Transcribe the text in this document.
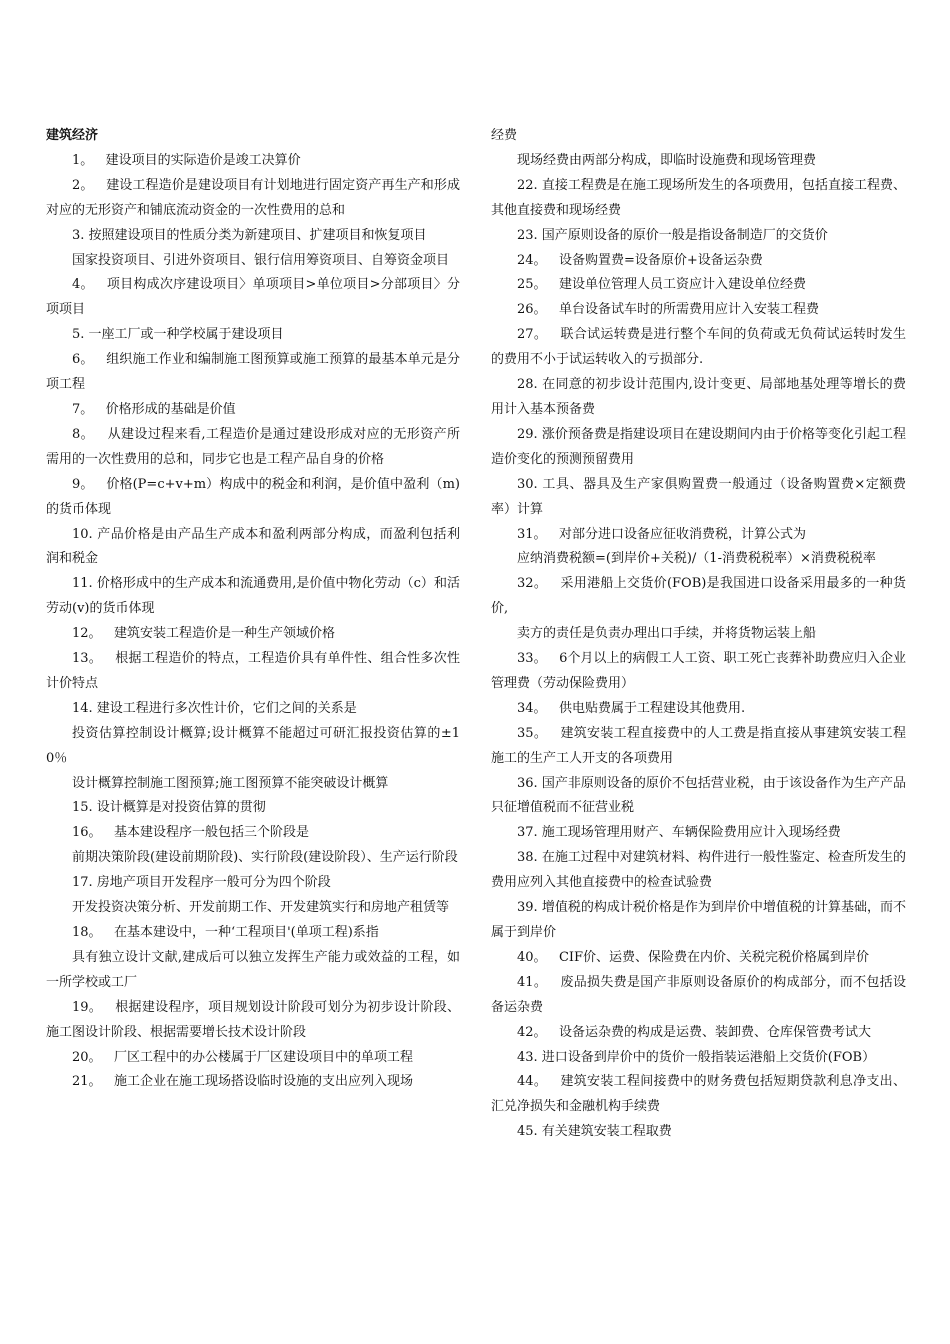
建筑经济

1。   建设项目的实际造价是竣工决算价

2。   建设工程造价是建设项目有计划地进行固定资产再生产和形成对应的无形资产和铺底流动资金的一次性费用的总和

3. 按照建设项目的性质分类为新建项目、扩建项目和恢复项目

国家投资项目、引进外资项目、银行信用筹资项目、自筹资金项目

4。   项目构成次序建设项目〉单项项目>单位项目>分部项目〉分项项目

5. 一座工厂或一种学校属于建设项目

6。   组织施工作业和编制施工图预算或施工预算的最基本单元是分项工程

7。   价格形成的基础是价值

8。   从建设过程来看,工程造价是通过建设形成对应的无形资产所需用的一次性费用的总和，同步它也是工程产品自身的价格

9。   价格(P=c+v+m）构成中的税金和利润，是价值中盈利（m)的货币体现

10. 产品价格是由产品生产成本和盈利两部分构成，而盈利包括利润和税金

11. 价格形成中的生产成本和流通费用,是价值中物化劳动（c）和活劳动(v)的货币体现

12。   建筑安装工程造价是一种生产领域价格

13。   根据工程造价的特点，工程造价具有单件性、组合性多次性计价特点

14. 建设工程进行多次性计价，它们之间的关系是

投资估算控制设计概算;设计概算不能超过可研汇报投资估算的±10％

设计概算控制施工图预算;施工图预算不能突破设计概算

15. 设计概算是对投资估算的贯彻

16。   基本建设程序一般包括三个阶段是

前期决策阶段(建设前期阶段)、实行阶段(建设阶段）、生产运行阶段

17. 房地产项目开发程序一般可分为四个阶段

开发投资决策分析、开发前期工作、开发建筑实行和房地产租赁等

18。   在基本建设中，一种‘工程项目'(单项工程)系指

具有独立设计文献,建成后可以独立发挥生产能力或效益的工程，如一所学校或工厂

19。   根据建设程序，项目规划设计阶段可划分为初步设计阶段、施工图设计阶段、根据需要增长技术设计阶段

20。   厂区工程中的办公楼属于厂区建设项目中的单项工程

21。   施工企业在施工现场搭设临时设施的支出应列入现场

经费

现场经费由两部分构成，即临时设施费和现场管理费

22. 直接工程费是在施工现场所发生的各项费用，包括直接工程费、其他直接费和现场经费

23. 国产原则设备的原价一般是指设备制造厂的交货价

24。   设备购置费=设备原价+设备运杂费

25。   建设单位管理人员工资应计入建设单位经费

26。   单台设备试车时的所需费用应计入安装工程费

27。   联合试运转费是进行整个车间的负荷或无负荷试运转时发生的费用不小于试运转收入的亏损部分.

28. 在同意的初步设计范围内,设计变更、局部地基处理等增长的费用计入基本预备费

29. 涨价预备费是指建设项目在建设期间内由于价格等变化引起工程造价变化的预测预留费用

30. 工具、器具及生产家俱购置费一般通过（设备购置费×定额费率）计算

31。   对部分进口设备应征收消费税，计算公式为

应纳消费税额=(到岸价+关税)/（1-消费税税率）×消费税税率

32。   采用港船上交货价(FOB)是我国进口设备采用最多的一种货价,

卖方的责任是负责办理出口手续，并将货物运装上船

33。   6个月以上的病假工人工资、职工死亡丧葬补助费应归入企业管理费（劳动保险费用）

34。   供电贴费属于工程建设其他费用.

35。   建筑安装工程直接费中的人工费是指直接从事建筑安装工程施工的生产工人开支的各项费用

36. 国产非原则设备的原价不包括营业税，由于该设备作为生产产品只征增值税而不征营业税

37. 施工现场管理用财产、车辆保险费用应计入现场经费

38. 在施工过程中对建筑材料、构件进行一般性鉴定、检查所发生的费用应列入其他直接费中的检查试验费

39. 增值税的构成计税价格是作为到岸价中增值税的计算基础，而不属于到岸价

40。   CIF价、运费、保险费在内价、关税完税价格属到岸价

41。   废品损失费是国产非原则设备原价的构成部分，而不包括设备运杂费

42。   设备运杂费的构成是运费、装卸费、仓库保管费考试大

43. 进口设备到岸价中的货价一般指装运港船上交货价(FOB）

44。   建筑安装工程间接费中的财务费包括短期贷款利息净支出、汇兑净损失和金融机构手续费

45. 有关建筑安装工程取费
